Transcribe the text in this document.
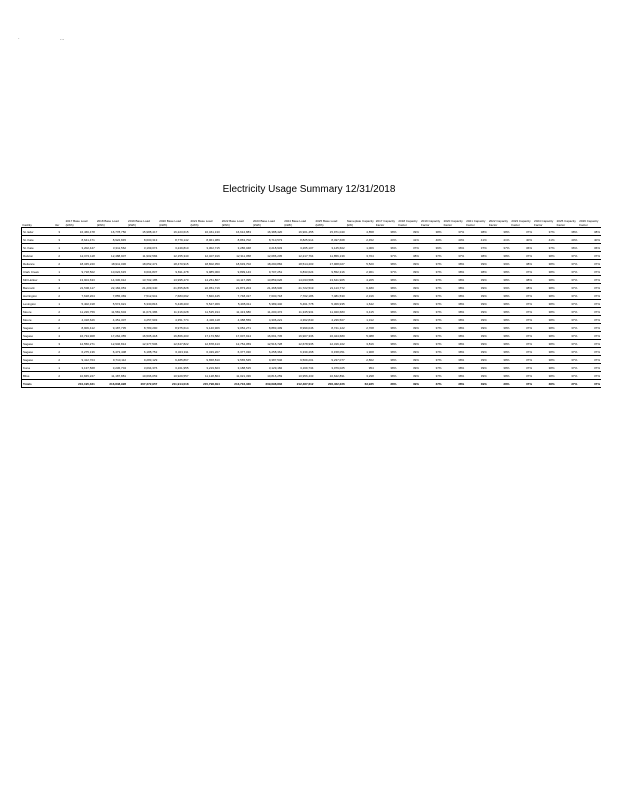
·	...
Electricity Usage Summary 12/31/2018
Facility	Ver	2017 Base Load (kWh)	2018 Base Load (kWh)	2019 Base Load (kWh)	2020 Base Load (kWh)	2021 Base Load (kWh)	2022 Base Load (kWh)	2023 Base Load (kWh)	2024 Base Load (kWh)	2025 Base Load (kWh)	Nameplate Capacity (kW)	2017 Capacity Factor	2018 Capacity Factor	2019 Capacity Factor	2020 Capacity Factor	2021 Capacity Factor	2022 Capacity Factor	2023 Capacity Factor	2024 Capacity Factor	2025 Capacity Factor	2026 Capacity Factor
St. Edw	3	16,466,478	16,778,750	15,988,417	16,223,615	16,461,130	16,612,883	16,388,420	16,901,455	15,971,040	4,858	38%	39%	38%	37%	38%	38%	37%	37%	38%	38%
St. Kate	3	8,641,471	8,922,845	8,600,313	8,779,142	8,961,389	8,863,702	8,710,573	8,825,914	8,497,668	2,452	40%	41%	40%	40%	41%	41%	40%	41%	40%	40%
St. Kate	1	3,202,447	3,311,562	3,199,074	3,249,810	3,302,715	3,286,048	3,218,933	3,265,107	3,145,602	1,009	36%	37%	36%	36%	37%	37%	36%	37%	36%	36%
Ralston	2	12,072,118	12,488,907	11,902,584	12,155,340	12,407,916	12,311,058	12,086,205	12,217,764	11,856,139	3,704	37%	38%	37%	37%	38%	38%	37%	38%	37%	37%
Reliance	2	18,345,220	18,911,036	18,052,471	18,470,915	18,802,350	18,633,702	18,290,884	18,514,203	17,968,027	5,520	38%	39%	37%	38%	39%	39%	38%	38%	37%	37%
Clark Creek	1	9,718,502	10,022,615	9,604,837	9,811,478	9,985,060	9,899,143	9,707,251	9,833,624	9,552,316	2,961	37%	39%	37%	38%	38%	38%	37%	38%	37%	37%
Mill Hollow	3	13,904,633	14,330,912	13,702,185	13,995,470	14,251,807	14,117,395	13,859,026	14,033,588	13,641,905	4,205	38%	39%	37%	38%	39%	38%	38%	38%	37%	37%
Bannock	4	21,506,117	22,184,053	21,209,340	21,655,828	22,051,716	21,873,204	21,468,930	21,722,519	21,113,772	6,480	38%	39%	37%	38%	39%	39%	38%	38%	37%	37%
Harrington	2	7,618,204	7,855,369	7,512,941	7,683,092	7,820,445	7,748,317	7,600,718	7,702,186	7,481,530	2,316	38%	39%	37%	38%	39%	38%	37%	38%	37%	37%
Lexington	1	5,402,318	5,574,921	5,330,816	5,448,203	5,547,369	5,495,011	5,389,440	5,461,778	5,306,935	1,642	38%	39%	37%	38%	39%	38%	37%	38%	37%	37%
Moore	2	11,226,759	11,581,604	11,074,386	11,316,028	11,525,194	11,413,680	11,200,472	11,345,931	11,020,683	3,415	38%	39%	37%	38%	39%	38%	37%	38%	37%	37%
Moore	2	4,318,626	4,451,307	4,257,903	4,351,774	4,430,118	4,388,559	4,306,221	4,362,840	4,236,507	1,312	38%	39%	37%	38%	39%	38%	37%	38%	37%	37%
Sagaso	2	8,906,412	9,187,735	8,783,290	8,975,614	9,140,906	9,052,271	8,883,409	8,999,046	8,741,122	2,708	38%	39%	37%	38%	39%	38%	37%	38%	37%	37%
Sagaso	4	16,734,908	17,262,355	16,505,418	16,866,203	17,173,582	17,007,914	16,691,745	16,907,336	16,424,680	5,088	38%	39%	37%	38%	39%	38%	37%	38%	37%	37%
Sagaso	3	12,550,271	12,946,814	12,377,506	12,647,822	12,878,413	12,754,059	12,516,728	12,678,935	12,316,102	3,816	38%	39%	37%	38%	39%	38%	37%	38%	37%	37%
Sagaso	2	6,275,136	6,473,408	6,188,752	6,323,911	6,439,207	6,377,030	6,258,364	6,339,468	6,158,051	1,908	38%	39%	37%	38%	39%	38%	37%	38%	37%	37%
Sagaso	2	9,412,704	9,710,112	9,283,129	9,485,867	9,658,810	9,565,545	9,387,546	9,509,201	9,237,077	2,862	38%	39%	37%	38%	39%	38%	37%	38%	37%	37%
Kuna	1	3,137,568	3,236,704	3,094,376	3,161,955	3,219,603	3,188,515	3,129,182	3,169,734	3,079,025	954	38%	39%	37%	38%	39%	38%	37%	38%	37%	37%
Bliss	2	10,845,227	11,187,881	10,696,053	10,929,557	11,128,804	11,021,336	10,816,259	10,956,433	10,642,891	3,298	38%	39%	37%	38%	39%	38%	37%	38%	37%	37%
Totals		210,195,321	216,848,928	207,372,957	211,914,018	215,798,394	213,716,330	209,698,832	212,487,612	206,462,226	63,935	38%	39%	37%	38%	39%	38%	37%	38%	37%	37%
